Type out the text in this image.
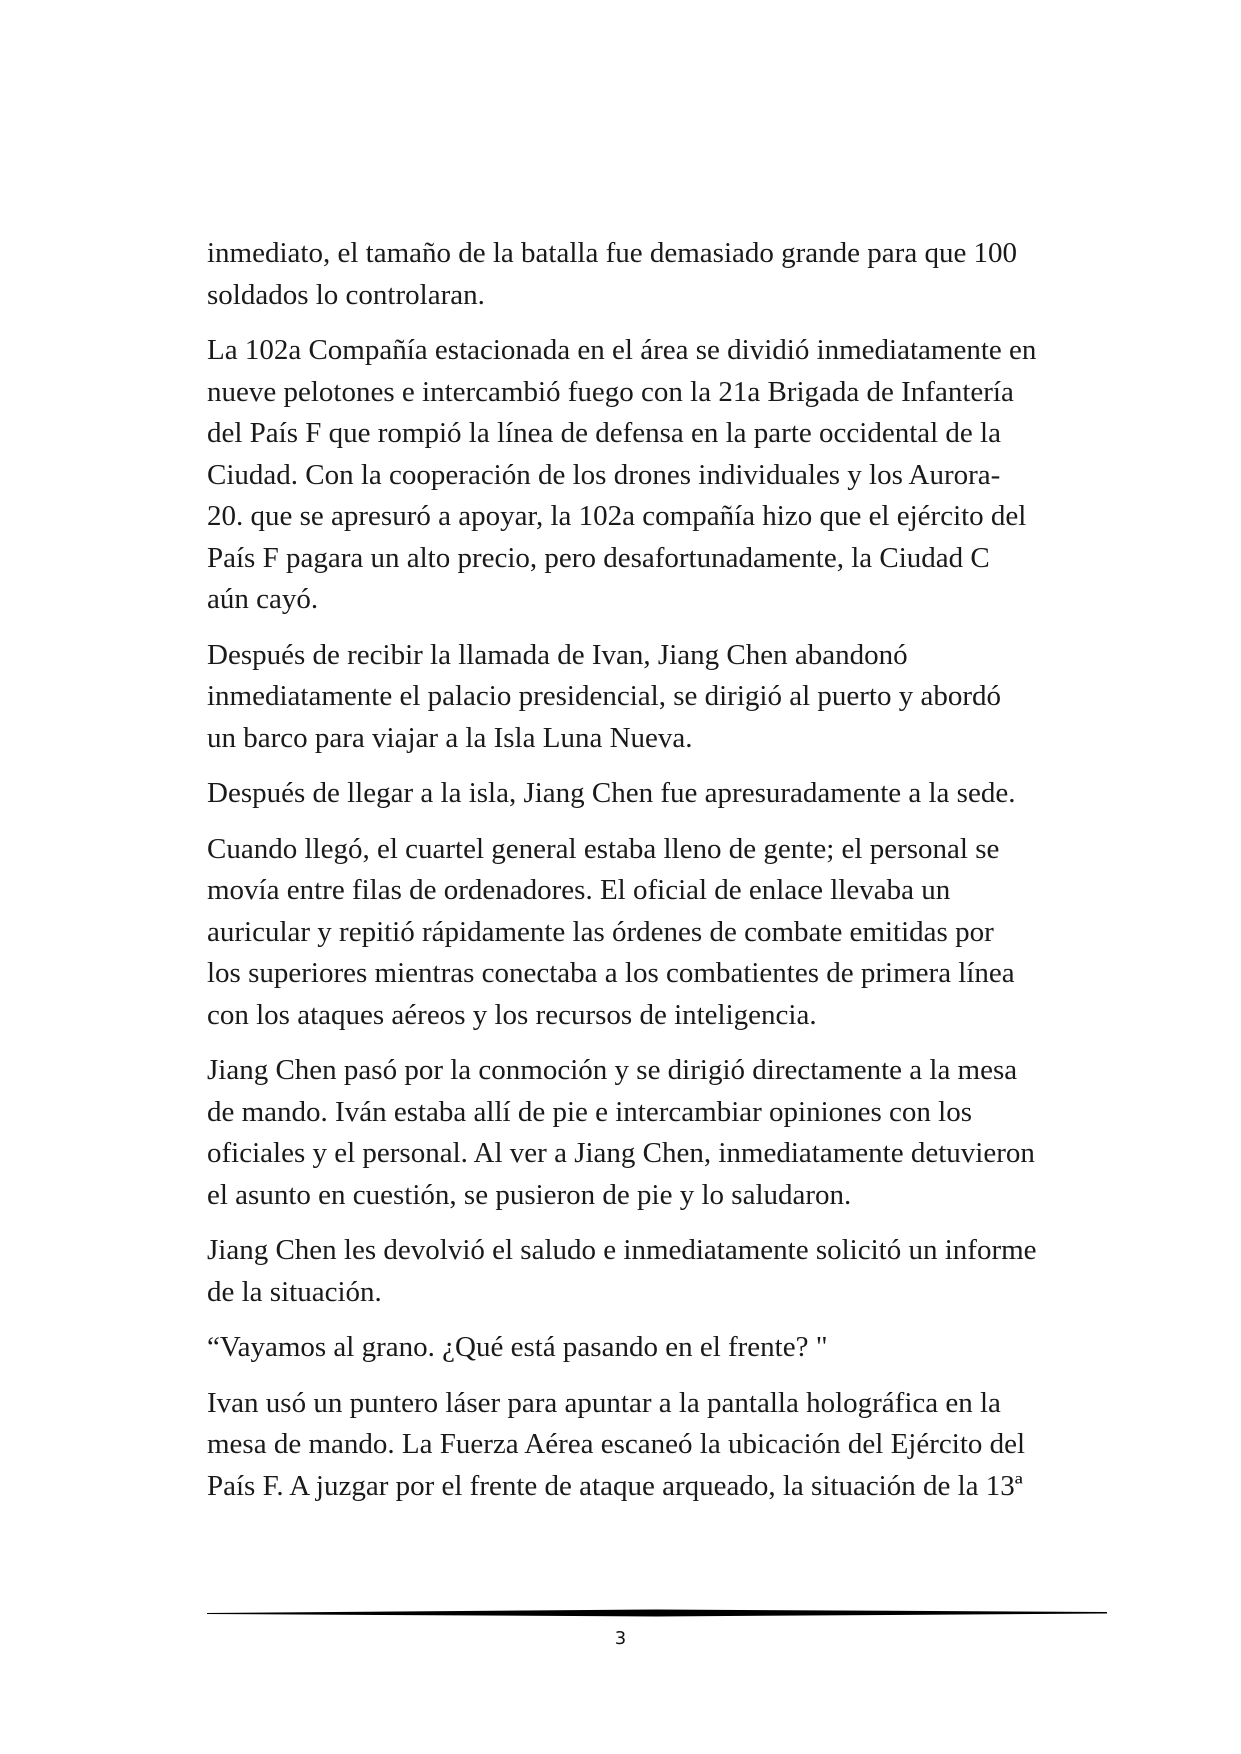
inmediato, el tamaño de la batalla fue demasiado grande para que 100
soldados lo controlaran.

La 102a Compañía estacionada en el área se dividió inmediatamente en
nueve pelotones e intercambió fuego con la 21a Brigada de Infantería
del País F que rompió la línea de defensa en la parte occidental de la
Ciudad. Con la cooperación de los drones individuales y los Aurora-
20. que se apresuró a apoyar, la 102a compañía hizo que el ejército del
País F pagara un alto precio, pero desafortunadamente, la Ciudad C
aún cayó.

Después de recibir la llamada de Ivan, Jiang Chen abandonó
inmediatamente el palacio presidencial, se dirigió al puerto y abordó
un barco para viajar a la Isla Luna Nueva.

Después de llegar a la isla, Jiang Chen fue apresuradamente a la sede.

Cuando llegó, el cuartel general estaba lleno de gente; el personal se
movía entre filas de ordenadores. El oficial de enlace llevaba un
auricular y repitió rápidamente las órdenes de combate emitidas por
los superiores mientras conectaba a los combatientes de primera línea
con los ataques aéreos y los recursos de inteligencia.

Jiang Chen pasó por la conmoción y se dirigió directamente a la mesa
de mando. Iván estaba allí de pie e intercambiar opiniones con los
oficiales y el personal. Al ver a Jiang Chen, inmediatamente detuvieron
el asunto en cuestión, se pusieron de pie y lo saludaron.

Jiang Chen les devolvió el saludo e inmediatamente solicitó un informe
de la situación.

“Vayamos al grano. ¿Qué está pasando en el frente? "

Ivan usó un puntero láser para apuntar a la pantalla holográfica en la
mesa de mando. La Fuerza Aérea escaneó la ubicación del Ejército del
País F. A juzgar por el frente de ataque arqueado, la situación de la 13ª

3
